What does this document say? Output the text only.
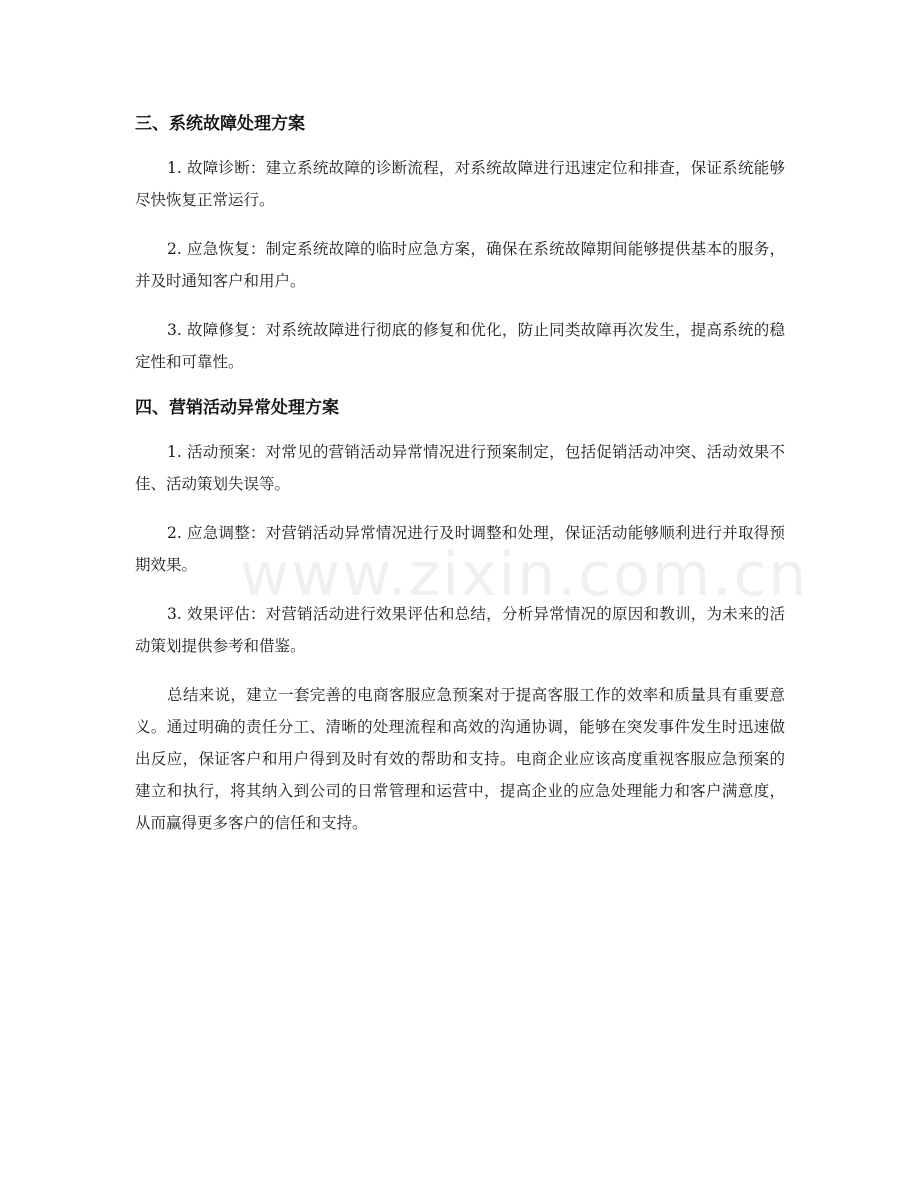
三、系统故障处理方案

1. 故障诊断：建立系统故障的诊断流程，对系统故障进行迅速定位和排查，保证系统能够尽快恢复正常运行。

2. 应急恢复：制定系统故障的临时应急方案，确保在系统故障期间能够提供基本的服务，并及时通知客户和用户。

3. 故障修复：对系统故障进行彻底的修复和优化，防止同类故障再次发生，提高系统的稳定性和可靠性。

四、营销活动异常处理方案

1. 活动预案：对常见的营销活动异常情况进行预案制定，包括促销活动冲突、活动效果不佳、活动策划失误等。

2. 应急调整：对营销活动异常情况进行及时调整和处理，保证活动能够顺利进行并取得预期效果。

3. 效果评估：对营销活动进行效果评估和总结，分析异常情况的原因和教训，为未来的活动策划提供参考和借鉴。

总结来说，建立一套完善的电商客服应急预案对于提高客服工作的效率和质量具有重要意义。通过明确的责任分工、清晰的处理流程和高效的沟通协调，能够在突发事件发生时迅速做出反应，保证客户和用户得到及时有效的帮助和支持。电商企业应该高度重视客服应急预案的建立和执行，将其纳入到公司的日常管理和运营中，提高企业的应急处理能力和客户满意度，从而赢得更多客户的信任和支持。

www.zixin.com.cn
